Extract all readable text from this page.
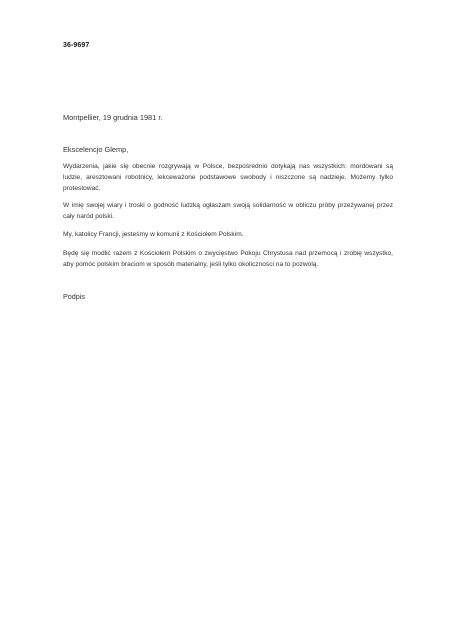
36-9697
Montpellier, 19 grudnia 1981 r.
Ekscelencjo Glemp,

Wydarzenia, jakie się obecnie rozgrywają w Polsce, bezpośrednio dotykają nas wszystkich: mordowani są ludzie, aresztowani robotnicy, lekceważone podstawowe swobody i niszczone są nadzieje. Możemy tylko protestować.

W imię swojej wiary i troski o godność ludzką ogłaszam swoją solidarność w obliczu próby przeżywanej przez cały naród polski.

My, katolicy Francji, jesteśmy w komunii z Kościołem Polskim.

Będę się modlić razem z Kościołem Polskim o zwycięstwo Pokoju Chrystusa nad przemocą i zrobię wszystko, aby pomóc polskim braciom w sposób materialny, jeśli tylko okoliczności na to pozwolą.

Podpis
